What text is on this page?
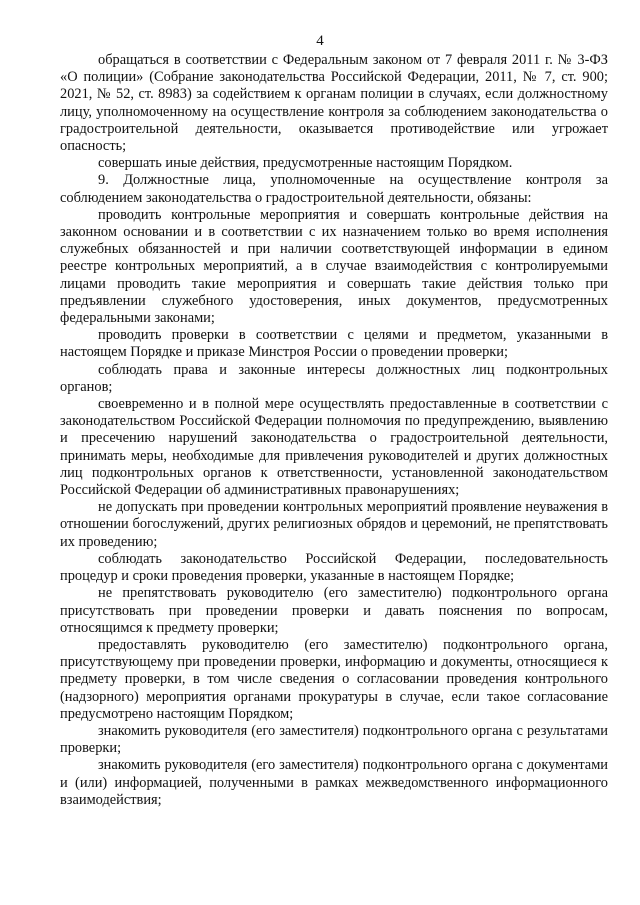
4

обращаться в соответствии с Федеральным законом от 7 февраля 2011 г. № 3-ФЗ «О полиции» (Собрание законодательства Российской Федерации, 2011, № 7, ст. 900; 2021, № 52, ст. 8983) за содействием к органам полиции в случаях, если должностному лицу, уполномоченному на осуществление контроля за соблюдением законодательства о градостроительной деятельности, оказывается противодействие или угрожает опасность;

совершать иные действия, предусмотренные настоящим Порядком.

9. Должностные лица, уполномоченные на осуществление контроля за соблюдением законодательства о градостроительной деятельности, обязаны:

проводить контрольные мероприятия и совершать контрольные действия на законном основании и в соответствии с их назначением только во время исполнения служебных обязанностей и при наличии соответствующей информации в едином реестре контрольных мероприятий, а в случае взаимодействия с контролируемыми лицами проводить такие мероприятия и совершать такие действия только при предъявлении служебного удостоверения, иных документов, предусмотренных федеральными законами;

проводить проверки в соответствии с целями и предметом, указанными в настоящем Порядке и приказе Минстроя России о проведении проверки;

соблюдать права и законные интересы должностных лиц подконтрольных органов;

своевременно и в полной мере осуществлять предоставленные в соответствии с законодательством Российской Федерации полномочия по предупреждению, выявлению и пресечению нарушений законодательства о градостроительной деятельности, принимать меры, необходимые для привлечения руководителей и других должностных лиц подконтрольных органов к ответственности, установленной законодательством Российской Федерации об административных правонарушениях;

не допускать при проведении контрольных мероприятий проявление неуважения в отношении богослужений, других религиозных обрядов и церемоний, не препятствовать их проведению;

соблюдать законодательство Российской Федерации, последовательность процедур и сроки проведения проверки, указанные в настоящем Порядке;

не препятствовать руководителю (его заместителю) подконтрольного органа присутствовать при проведении проверки и давать пояснения по вопросам, относящимся к предмету проверки;

предоставлять руководителю (его заместителю) подконтрольного органа, присутствующему при проведении проверки, информацию и документы, относящиеся к предмету проверки, в том числе сведения о согласовании проведения контрольного (надзорного) мероприятия органами прокуратуры в случае, если такое согласование предусмотрено настоящим Порядком;

знакомить руководителя (его заместителя) подконтрольного органа с результатами проверки;

знакомить руководителя (его заместителя) подконтрольного органа с документами и (или) информацией, полученными в рамках межведомственного информационного взаимодействия;
